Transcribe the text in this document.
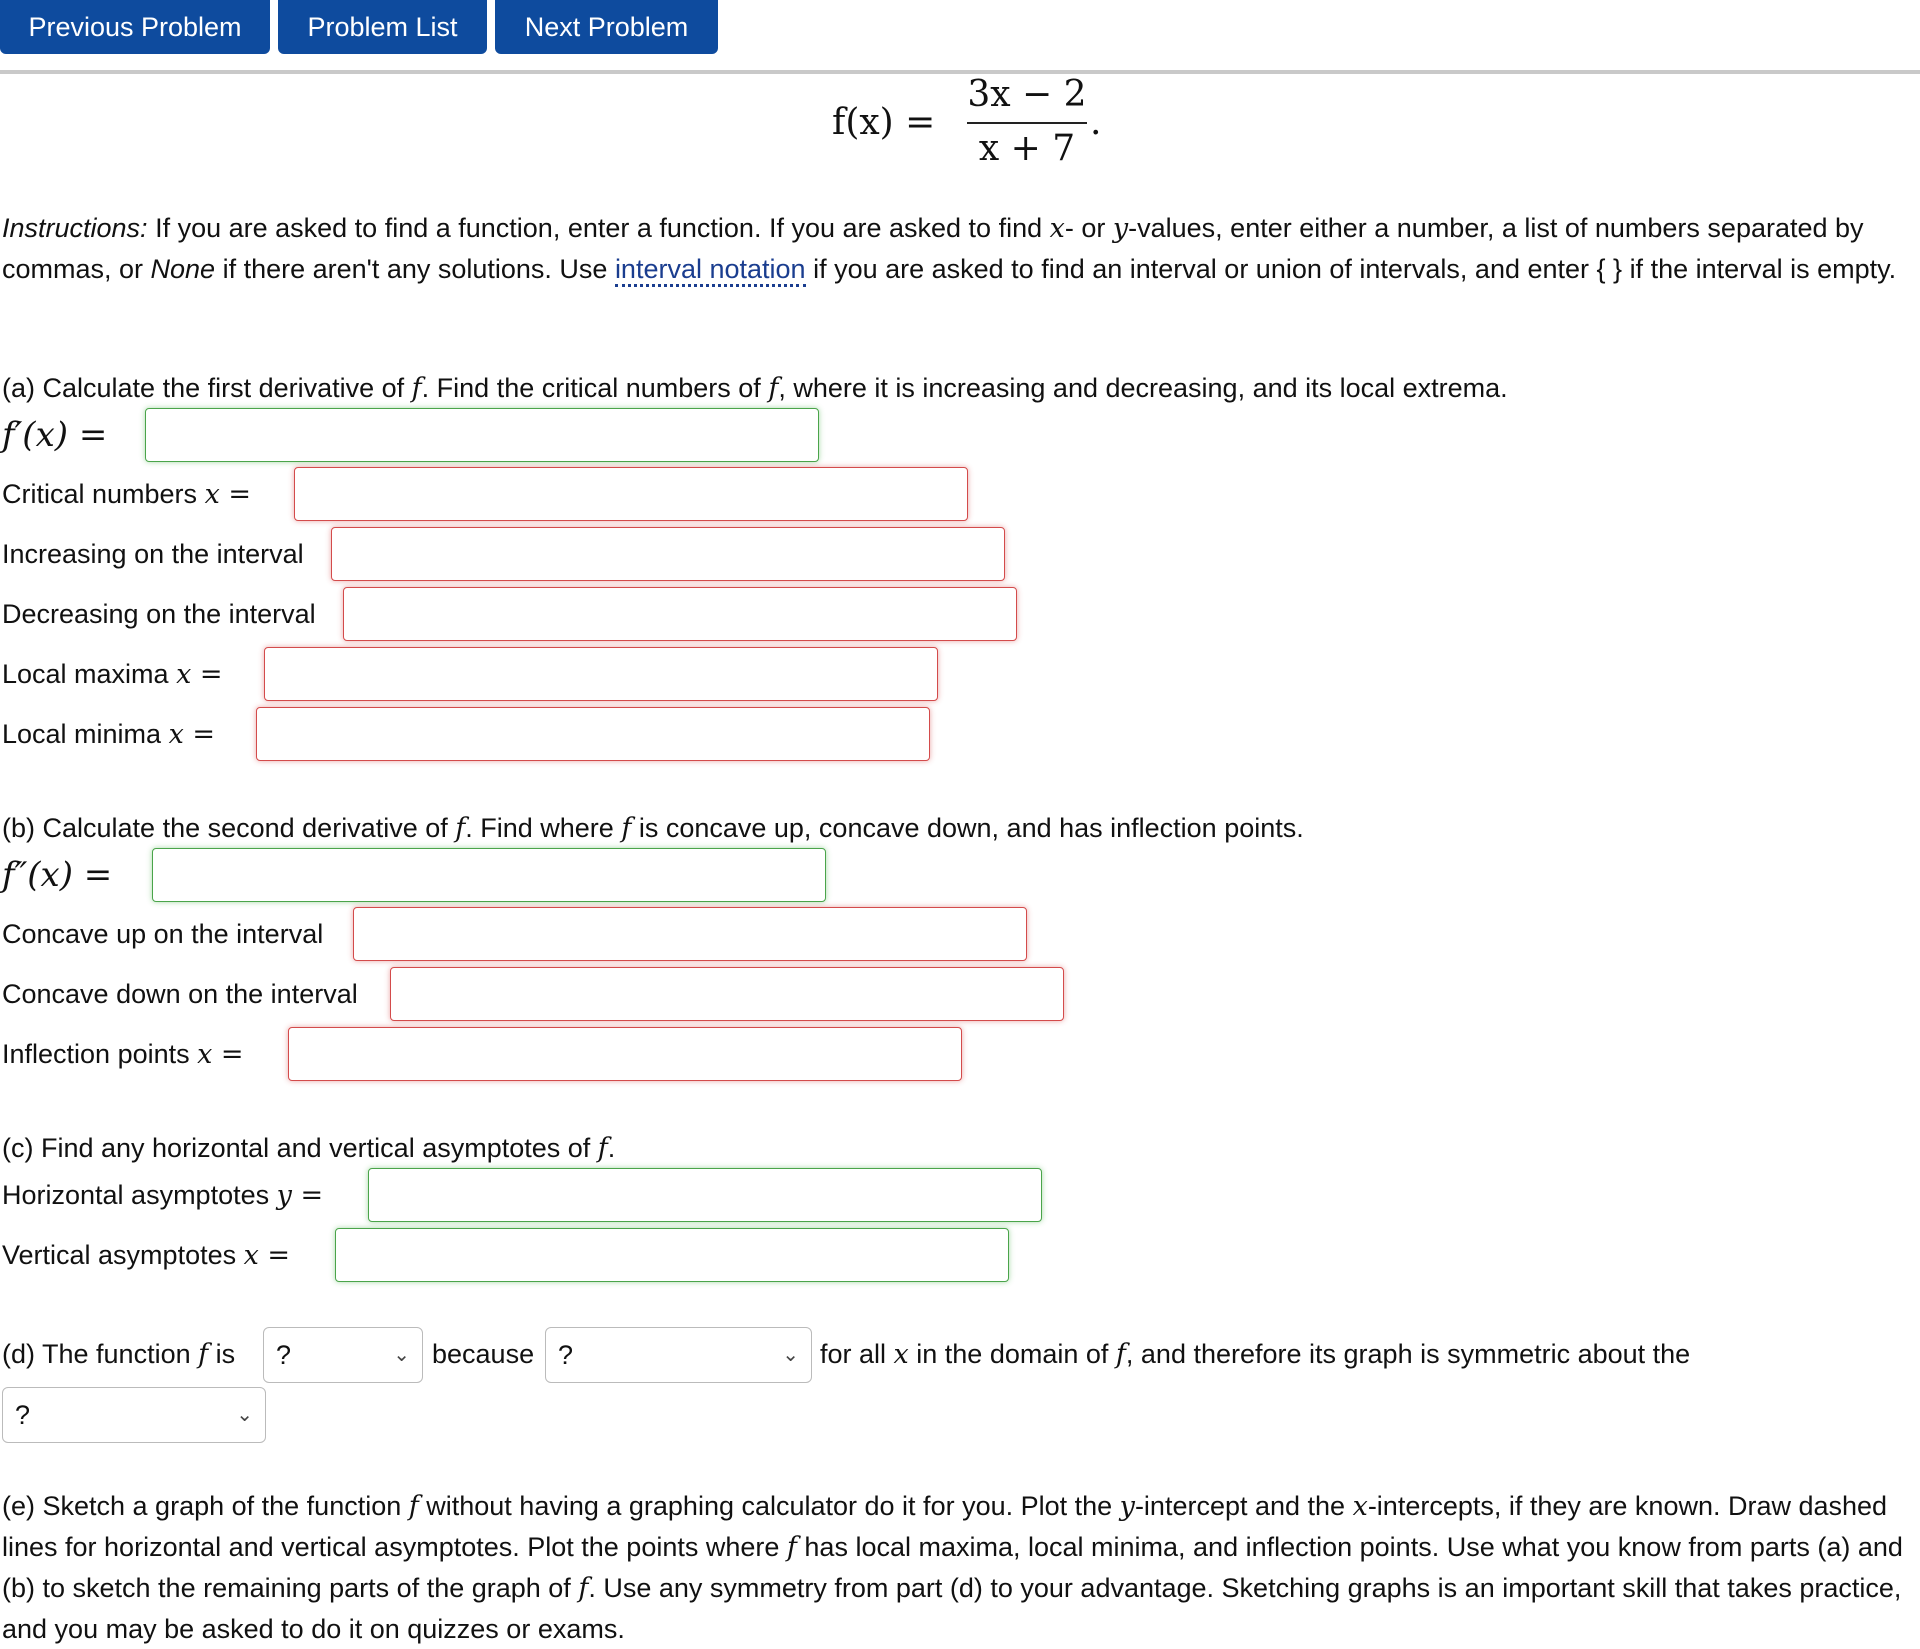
Previous Problem	Problem List	Next Problem
f(x) =
3x − 2
x + 7
.
Instructions: If you are asked to find a function, enter a function. If you are asked to find x- or y-values, enter either a number, a list of numbers separated by commas, or None if there aren't any solutions. Use interval notation if you are asked to find an interval or union of intervals, and enter { } if the interval is empty.
(a) Calculate the first derivative of f. Find the critical numbers of f, where it is increasing and decreasing, and its local extrema.
f′(x) =
Critical numbers x =
Increasing on the interval
Decreasing on the interval
Local maxima x =
Local minima x =
(b) Calculate the second derivative of f. Find where f is concave up, concave down, and has inflection points.
f″(x) =
Concave up on the interval
Concave down on the interval
Inflection points x =
(c) Find any horizontal and vertical asymptotes of f.
Horizontal asymptotes y =
Vertical asymptotes x =
(d) The function f is	?	⌄ because ?	⌄ for all x in the domain of f, and therefore its graph is symmetric about the
?	⌄
(e) Sketch a graph of the function f without having a graphing calculator do it for you. Plot the y-intercept and the x-intercepts, if they are known. Draw dashed lines for horizontal and vertical asymptotes. Plot the points where f has local maxima, local minima, and inflection points. Use what you know from parts (a) and (b) to sketch the remaining parts of the graph of f. Use any symmetry from part (d) to your advantage. Sketching graphs is an important skill that takes practice, and you may be asked to do it on quizzes or exams.
